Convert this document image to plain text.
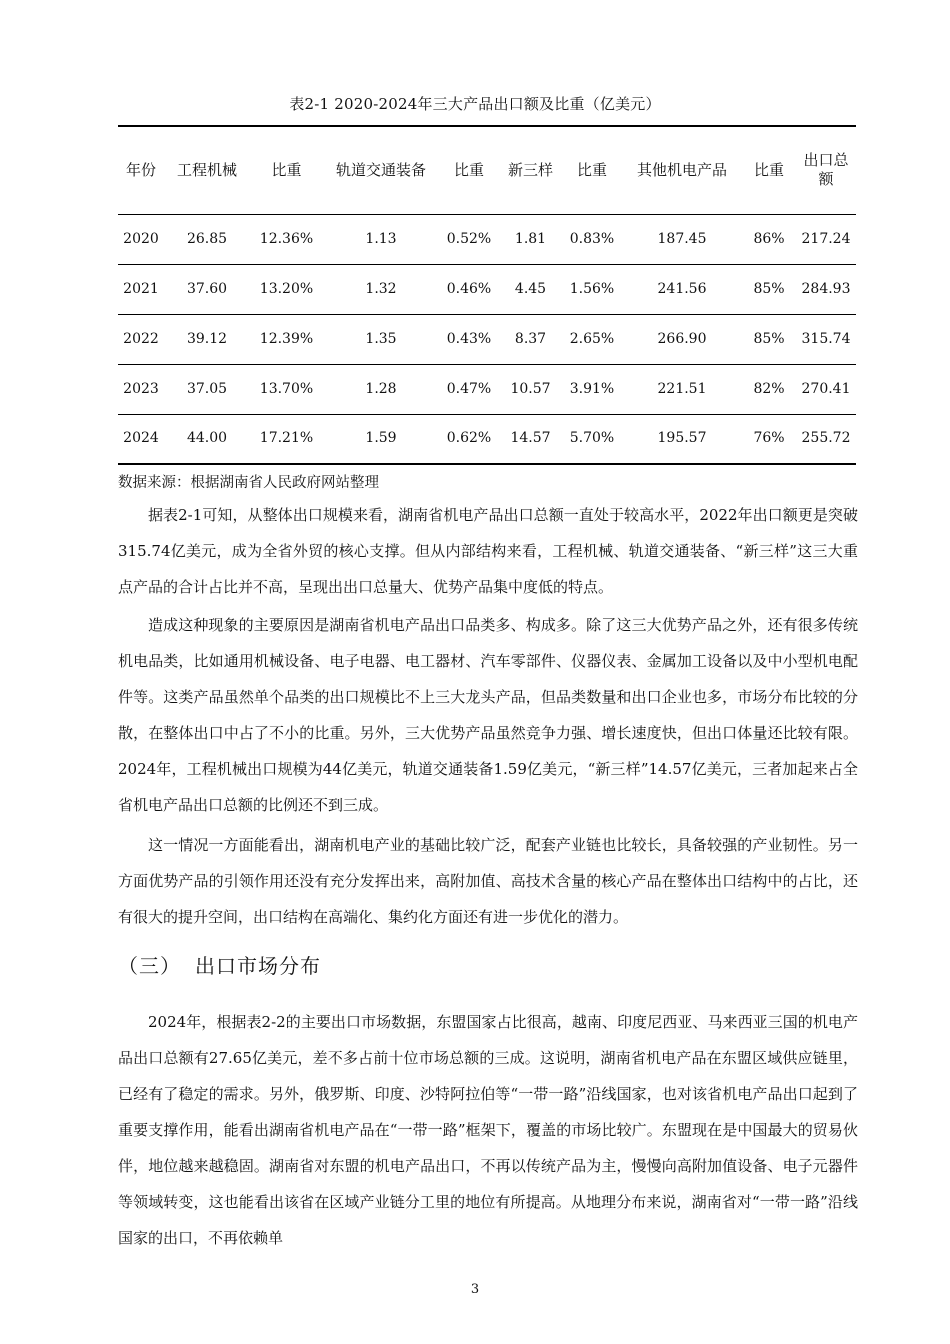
表2-1 2020-2024年三大产品出口额及比重（亿美元）
年份	工程机械	比重	轨道交通装备	比重	新三样	比重	其他机电产品	比重	出口总额
2020	26.85	12.36%	1.13	0.52%	1.81	0.83%	187.45	86%	217.24
2021	37.60	13.20%	1.32	0.46%	4.45	1.56%	241.56	85%	284.93
2022	39.12	12.39%	1.35	0.43%	8.37	2.65%	266.90	85%	315.74
2023	37.05	13.70%	1.28	0.47%	10.57	3.91%	221.51	82%	270.41
2024	44.00	17.21%	1.59	0.62%	14.57	5.70%	195.57	76%	255.72
数据来源：根据湖南省人民政府网站整理

据表2-1可知，从整体出口规模来看，湖南省机电产品出口总额一直处于较高水平，2022年出口额更是突破315.74亿美元，成为全省外贸的核心支撑。但从内部结构来看，工程机械、轨道交通装备、“新三样”这三大重点产品的合计占比并不高，呈现出出口总量大、优势产品集中度低的特点。

造成这种现象的主要原因是湖南省机电产品出口品类多、构成多。除了这三大优势产品之外，还有很多传统机电品类，比如通用机械设备、电子电器、电工器材、汽车零部件、仪器仪表、金属加工设备以及中小型机电配件等。这类产品虽然单个品类的出口规模比不上三大龙头产品，但品类数量和出口企业也多，市场分布比较的分散，在整体出口中占了不小的比重。另外，三大优势产品虽然竞争力强、增长速度快，但出口体量还比较有限。2024年，工程机械出口规模为44亿美元，轨道交通装备1.59亿美元，“新三样”14.57亿美元，三者加起来占全省机电产品出口总额的比例还不到三成。

这一情况一方面能看出，湖南机电产业的基础比较广泛，配套产业链也比较长，具备较强的产业韧性。另一方面优势产品的引领作用还没有充分发挥出来，高附加值、高技术含量的核心产品在整体出口结构中的占比，还有很大的提升空间，出口结构在高端化、集约化方面还有进一步优化的潜力。

（三） 出口市场分布

2024年，根据表2-2的主要出口市场数据，东盟国家占比很高，越南、印度尼西亚、马来西亚三国的机电产品出口总额有27.65亿美元，差不多占前十位市场总额的三成。这说明，湖南省机电产品在东盟区域供应链里，已经有了稳定的需求。另外，俄罗斯、印度、沙特阿拉伯等“一带一路”沿线国家，也对该省机电产品出口起到了重要支撑作用，能看出湖南省机电产品在“一带一路”框架下，覆盖的市场比较广。东盟现在是中国最大的贸易伙伴，地位越来越稳固。湖南省对东盟的机电产品出口，不再以传统产品为主，慢慢向高附加值设备、电子元器件等领域转变，这也能看出该省在区域产业链分工里的地位有所提高。从地理分布来说，湖南省对“一带一路”沿线国家的出口，不再依赖单

3
